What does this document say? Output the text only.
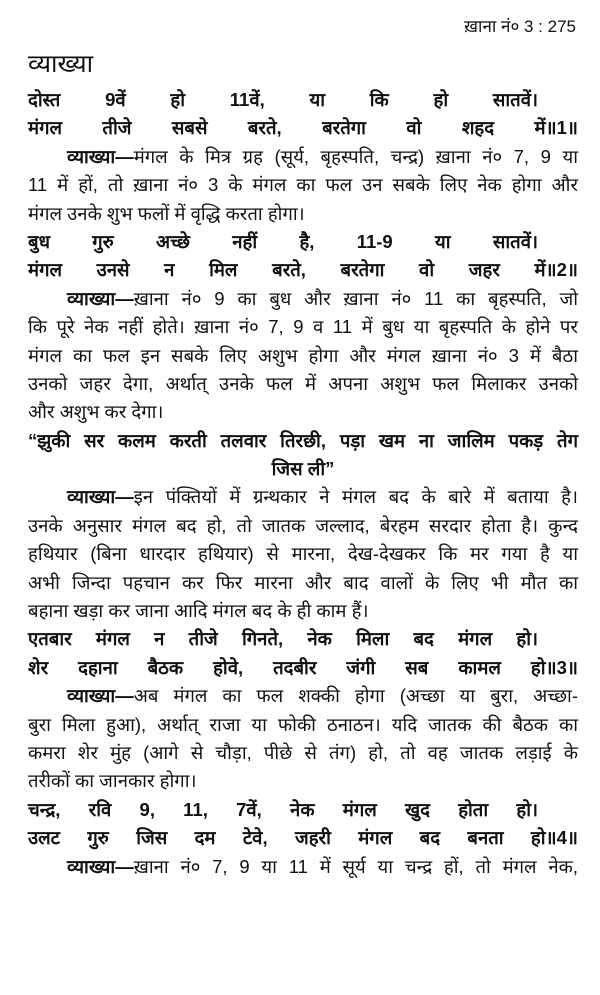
ख़ाना नं० 3 : 275
व्याख्या
दोस्त 9वें हो 11वें, या कि हो सातवें।
मंगल तीजे सबसे बरते, बरतेगा वो शहद में॥1॥
व्याख्या—मंगल के मित्र ग्रह (सूर्य, बृहस्पति, चन्द्र) ख़ाना नं० 7, 9 या
11 में हों, तो ख़ाना नं० 3 के मंगल का फल उन सबके लिए नेक होगा और
मंगल उनके शुभ फलों में वृद्धि करता होगा।
बुध गुरु अच्छे नहीं है, 11-9 या सातवें।
मंगल उनसे न मिल बरते, बरतेगा वो जहर में॥2॥
व्याख्या—ख़ाना नं० 9 का बुध और ख़ाना नं० 11 का बृहस्पति, जो
कि पूरे नेक नहीं होते। ख़ाना नं० 7, 9 व 11 में बुध या बृहस्पति के होने पर
मंगल का फल इन सबके लिए अशुभ होगा और मंगल ख़ाना नं० 3 में बैठा
उनको जहर देगा, अर्थात् उनके फल में अपना अशुभ फल मिलाकर उनको
और अशुभ कर देगा।
“झुकी सर कलम करती तलवार तिरछी, पड़ा खम ना जालिम पकड़ तेग
जिस ली”
व्याख्या—इन पंक्तियों में ग्रन्थकार ने मंगल बद के बारे में बताया है।
उनके अनुसार मंगल बद हो, तो जातक जल्लाद, बेरहम सरदार होता है। कुन्द
हथियार (बिना धारदार हथियार) से मारना, देख-देखकर कि मर गया है या
अभी जिन्दा पहचान कर फिर मारना और बाद वालों के लिए भी मौत का
बहाना खड़ा कर जाना आदि मंगल बद के ही काम हैं।
एतबार मंगल न तीजे गिनते, नेक मिला बद मंगल हो।
शेर दहाना बैठक होवे, तदबीर जंगी सब कामल हो॥3॥
व्याख्या—अब मंगल का फल शक्की होगा (अच्छा या बुरा, अच्छा-
बुरा मिला हुआ), अर्थात् राजा या फोकी ठनाठन। यदि जातक की बैठक का
कमरा शेर मुंह (आगे से चौड़ा, पीछे से तंग) हो, तो वह जातक लड़ाई के
तरीकों का जानकार होगा।
चन्द्र, रवि 9, 11, 7वें, नेक मंगल खुद होता हो।
उलट गुरु जिस दम टेवे, जहरी मंगल बद बनता हो॥4॥
व्याख्या—ख़ाना नं० 7, 9 या 11 में सूर्य या चन्द्र हों, तो मंगल नेक,
